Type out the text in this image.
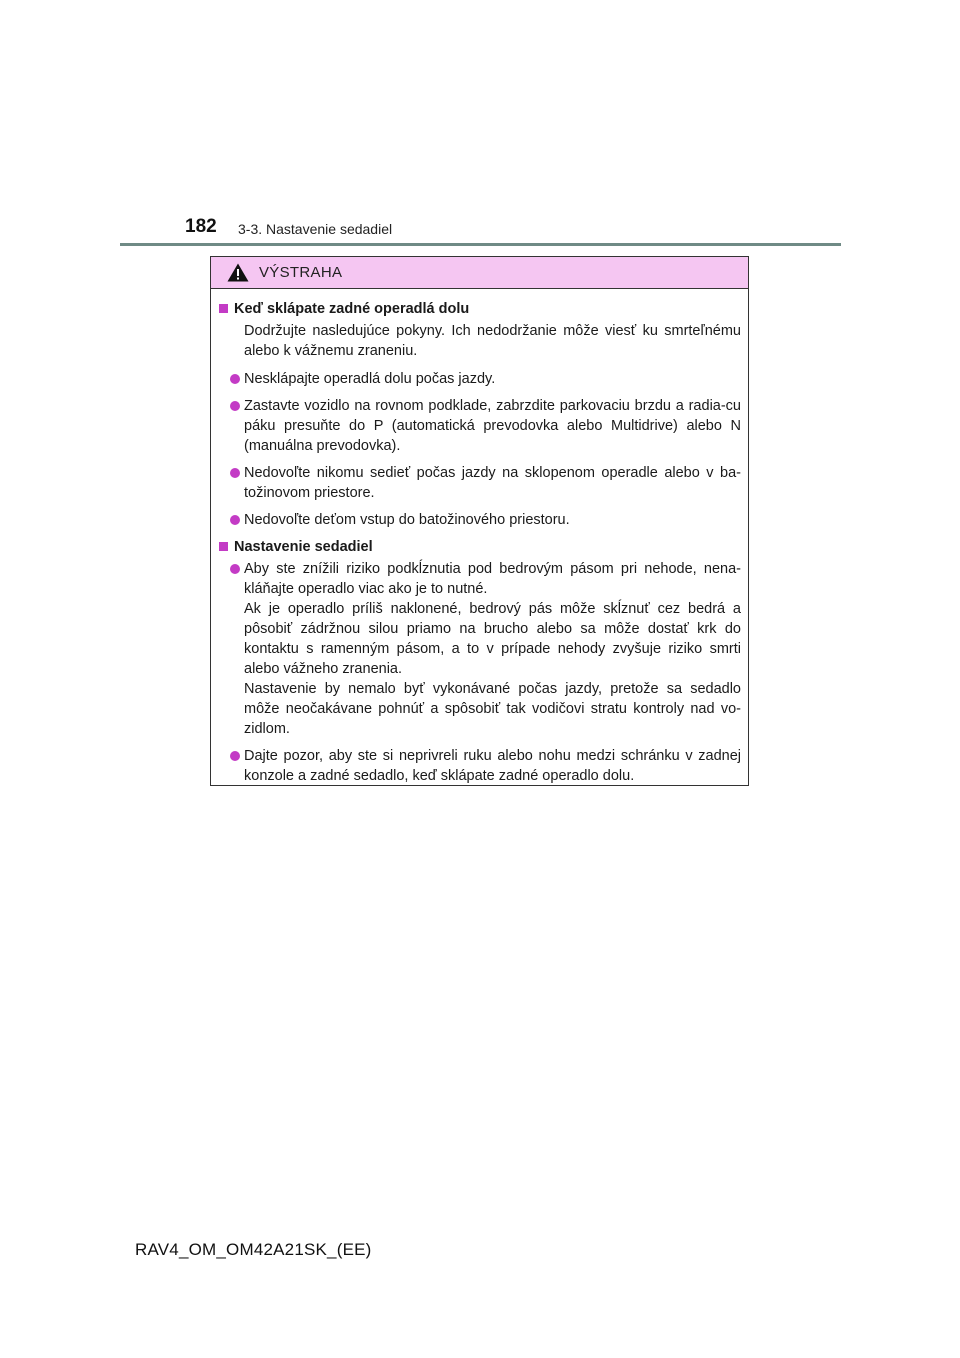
182 3-3. Nastavenie sedadiel
VÝSTRAHA
Keď sklápate zadné operadlá dolu
Dodržujte nasledujúce pokyny. Ich nedodržanie môže viesť ku smrteľnému alebo k vážnemu zraneniu.
Nesklápajte operadlá dolu počas jazdy.
Zastavte vozidlo na rovnom podklade, zabrzdite parkovaciu brzdu a radia-cu páku presuňte do P (automatická prevodovka alebo Multidrive) alebo N (manuálna prevodovka).
Nedovoľte nikomu sedieť počas jazdy na sklopenom operadle alebo v ba-tožinovom priestore.
Nedovoľte deťom vstup do batožinového priestoru.
Nastavenie sedadiel

Aby ste znížili riziko podkĺznutia pod bedrovým pásom pri nehode, nena-kláňajte operadlo viac ako je to nutné.

Ak je operadlo príliš naklonené, bedrový pás môže skĺznuť cez bedrá a pôsobiť zádržnou silou priamo na brucho alebo sa môže dostať krk do kontaktu s ramenným pásom, a to v prípade nehody zvyšuje riziko smrti alebo vážneho zranenia.

Nastavenie by nemalo byť vykonávané počas jazdy, pretože sa sedadlo môže neočakávane pohnúť a spôsobiť tak vodičovi stratu kontroly nad vo-zidlom.

Dajte pozor, aby ste si neprivreli ruku alebo nohu medzi schránku v zadnej konzole a zadné sedadlo, keď sklápate zadné operadlo dolu.
RAV4_OM_OM42A21SK_(EE)
